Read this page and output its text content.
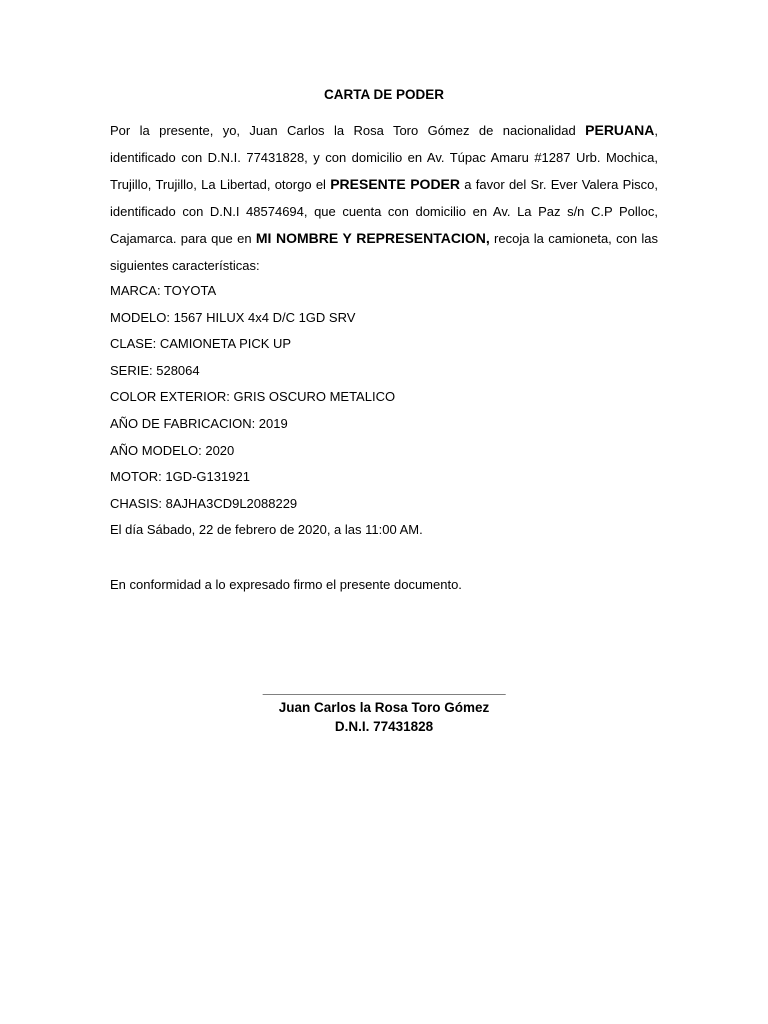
CARTA DE PODER
Por la presente, yo, Juan Carlos la Rosa Toro Gómez de nacionalidad PERUANA, identificado con D.N.I. 77431828, y con domicilio en Av. Túpac Amaru #1287 Urb. Mochica, Trujillo, Trujillo, La Libertad, otorgo el PRESENTE PODER a favor del Sr. Ever Valera Pisco, identificado con D.N.I 48574694, que cuenta con domicilio en Av. La Paz s/n C.P Polloc, Cajamarca. para que en MI NOMBRE Y REPRESENTACION, recoja la camioneta, con las siguientes características:
MARCA: TOYOTA
MODELO: 1567 HILUX 4x4 D/C 1GD SRV
CLASE: CAMIONETA PICK UP
SERIE: 528064
COLOR EXTERIOR: GRIS OSCURO METALICO
AÑO DE FABRICACION: 2019
AÑO MODELO: 2020
MOTOR: 1GD-G131921
CHASIS: 8AJHA3CD9L2088229
El día Sábado, 22 de febrero de 2020, a las 11:00 AM.
En conformidad a lo expresado firmo el presente documento.
___________________________________
Juan Carlos la Rosa Toro Gómez
D.N.I. 77431828
